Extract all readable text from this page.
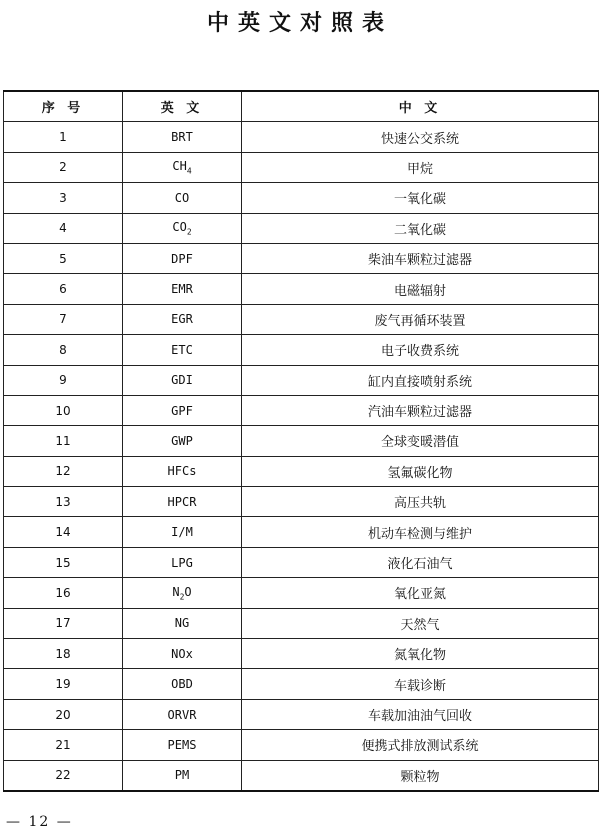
中英文对照表
序 号	英 文	中 文
1	BRT	快速公交系统
2	$CH_4$	甲烷
3	CO	一氧化碳
4	$CO_2$	二氧化碳
5	DPF	柴油车颗粒过滤器
6	EMR	电磁辐射
7	EGR	废气再循环装置
8	ETC	电子收费系统
9	GDI	缸内直接喷射系统
10	GPF	汽油车颗粒过滤器
11	GWP	全球变暖潜值
12	HFCs	氢氟碳化物
13	HPCR	高压共轨
14	I/M	机动车检测与维护
15	LPG	液化石油气
16	$N_2O$	氧化亚氮
17	NG	天然气
18	NOx	氮氧化物
19	OBD	车载诊断
20	ORVR	车载加油油气回收
21	PEMS	便携式排放测试系统
22	PM	颗粒物
— 12 —
